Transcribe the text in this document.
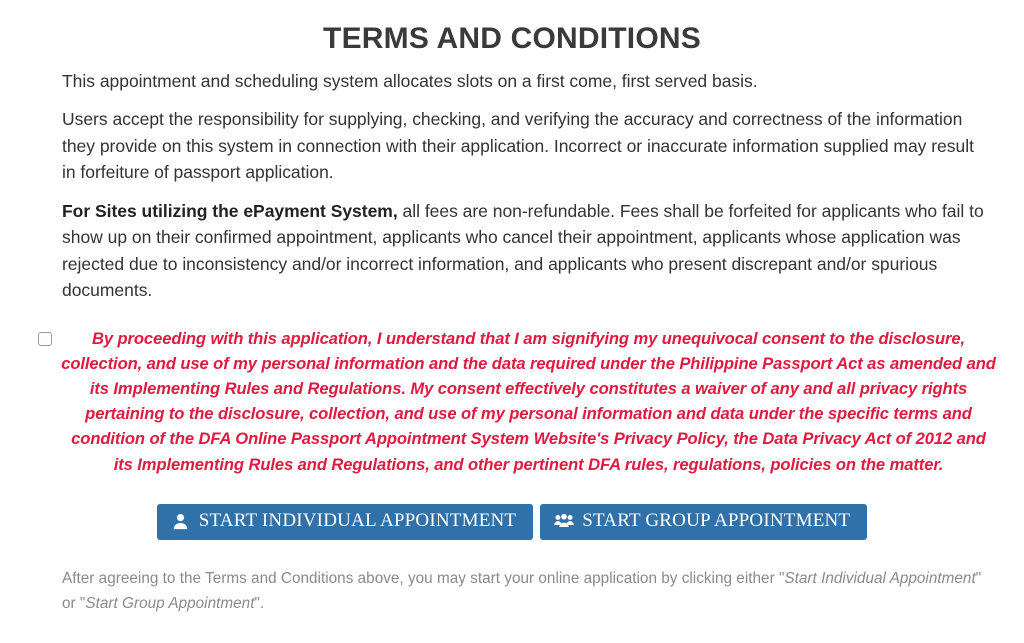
TERMS AND CONDITIONS

This appointment and scheduling system allocates slots on a first come, first served basis.

Users accept the responsibility for supplying, checking, and verifying the accuracy and correctness of the information they provide on this system in connection with their application. Incorrect or inaccurate information supplied may result in forfeiture of passport application.

For Sites utilizing the ePayment System, all fees are non-refundable. Fees shall be forfeited for applicants who fail to show up on their confirmed appointment, applicants who cancel their appointment, applicants whose application was rejected due to inconsistency and/or incorrect information, and applicants who present discrepant and/or spurious documents.

By proceeding with this application, I understand that I am signifying my unequivocal consent to the disclosure, collection, and use of my personal information and the data required under the Philippine Passport Act as amended and its Implementing Rules and Regulations. My consent effectively constitutes a waiver of any and all privacy rights pertaining to the disclosure, collection, and use of my personal information and data under the specific terms and condition of the DFA Online Passport Appointment System Website's Privacy Policy, the Data Privacy Act of 2012 and its Implementing Rules and Regulations, and other pertinent DFA rules, regulations, policies on the matter.
START INDIVIDUAL APPOINTMENT	START GROUP APPOINTMENT
After agreeing to the Terms and Conditions above, you may start your online application by clicking either "Start Individual Appointment" or "Start Group Appointment".
